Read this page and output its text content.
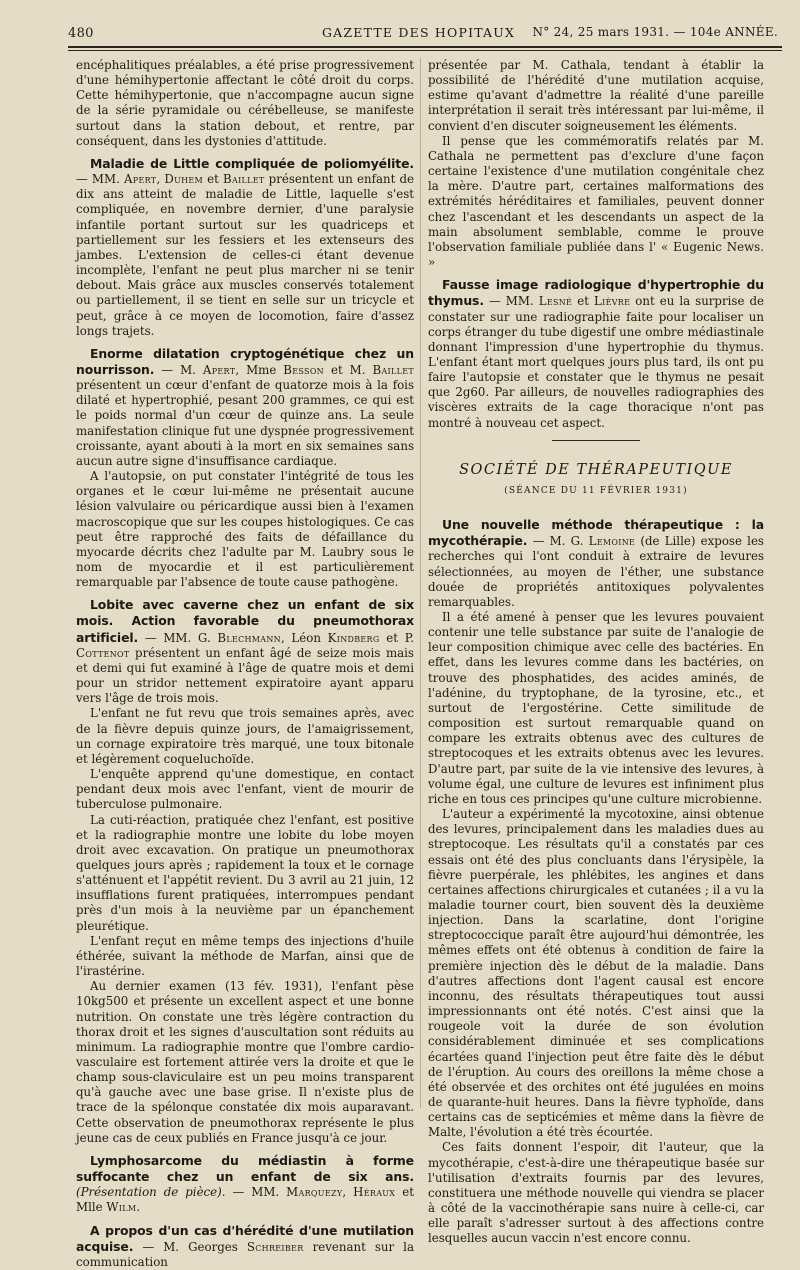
480	GAZETTE DES HOPITAUX N° 24, 25 mars 1931. — 104e ANNÉE.

encéphalitiques préalables, a été prise progressivement d'une hémihypertonie affectant le côté droit du corps. Cette hémihypertonie, que n'accompagne aucun signe de la série pyramidale ou cérébelleuse, se manifeste surtout dans la station debout, et rentre, par conséquent, dans les dystonies d'attitude.

Maladie de Little compliquée de poliomyélite. — MM. Apert, Duhem et Baillet présentent un enfant de dix ans atteint de maladie de Little, laquelle s'est compliquée, en novembre dernier, d'une paralysie infantile portant surtout sur les quadriceps et partiellement sur les fessiers et les extenseurs des jambes. L'extension de celles-ci étant devenue incomplète, l'enfant ne peut plus marcher ni se tenir debout. Mais grâce aux muscles conservés totalement ou partiellement, il se tient en selle sur un tricycle et peut, grâce à ce moyen de locomotion, faire d'assez longs trajets.

Enorme dilatation cryptogénétique chez un nourrisson. — M. Apert, Mme Besson et M. Baillet présentent un cœur d'enfant de quatorze mois à la fois dilaté et hypertrophié, pesant 200 grammes, ce qui est le poids normal d'un cœur de quinze ans. La seule manifestation clinique fut une dyspnée progressivement croissante, ayant abouti à la mort en six semaines sans aucun autre signe d'insuffisance cardiaque.

A l'autopsie, on put constater l'intégrité de tous les organes et le cœur lui-même ne présentait aucune lésion valvulaire ou péricardique aussi bien à l'examen macroscopique que sur les coupes histologiques. Ce cas peut être rapproché des faits de défaillance du myocarde décrits chez l'adulte par M. Laubry sous le nom de myocardie et il est particulièrement remarquable par l'absence de toute cause pathogène.

Lobite avec caverne chez un enfant de six mois. Action favorable du pneumothorax artificiel. — MM. G. Blechmann, Léon Kindberg et P. Cottenot présentent un enfant âgé de seize mois mais et demi qui fut examiné à l'âge de quatre mois et demi pour un stridor nettement expiratoire ayant apparu vers l'âge de trois mois.

L'enfant ne fut revu que trois semaines après, avec de la fièvre depuis quinze jours, de l'amaigrissement, un cornage expiratoire très marqué, une toux bitonale et légèrement coqueluchoïde.

L'enquête apprend qu'une domestique, en contact pendant deux mois avec l'enfant, vient de mourir de tuberculose pulmonaire.

La cuti-réaction, pratiquée chez l'enfant, est positive et la radiographie montre une lobite du lobe moyen droit avec excavation. On pratique un pneumothorax quelques jours après ; rapidement la toux et le cornage s'atténuent et l'appétit revient. Du 3 avril au 21 juin, 12 insufflations furent pratiquées, interrompues pendant près d'un mois à la neuvième par un épanchement pleurétique.

L'enfant reçut en même temps des injections d'huile éthérée, suivant la méthode de Marfan, ainsi que de l'irastérine.

Au dernier examen (13 fév. 1931), l'enfant pèse 10kg500 et présente un excellent aspect et une bonne nutrition. On constate une très légère contraction du thorax droit et les signes d'auscultation sont réduits au minimum. La radiographie montre que l'ombre cardio-vasculaire est fortement attirée vers la droite et que le champ sous-claviculaire est un peu moins transparent qu'à gauche avec une base grise. Il n'existe plus de trace de la spélonque constatée dix mois auparavant. Cette observation de pneumothorax représente le plus jeune cas de ceux publiés en France jusqu'à ce jour.

Lymphosarcome du médiastin à forme suffocante chez un enfant de six ans. (Présentation de pièce). — MM. Marquezy, Héraux et Mlle Wilm.

A propos d'un cas d'hérédité d'une mutilation acquise. — M. Georges Schreiber revenant sur la communication

présentée par M. Cathala, tendant à établir la possibilité de l'hérédité d'une mutilation acquise, estime qu'avant d'admettre la réalité d'une pareille interprétation il serait très intéressant par lui-même, il convient d'en discuter soigneusement les éléments.

Il pense que les commémoratifs relatés par M. Cathala ne permettent pas d'exclure d'une façon certaine l'existence d'une mutilation congénitale chez la mère. D'autre part, certaines malformations des extrémités héréditaires et familiales, peuvent donner chez l'ascendant et les descendants un aspect de la main absolument semblable, comme le prouve l'observation familiale publiée dans l' « Eugenic News. »

Fausse image radiologique d'hypertrophie du thymus. — MM. Lesné et Lièvre ont eu la surprise de constater sur une radiographie faite pour localiser un corps étranger du tube digestif une ombre médiastinale donnant l'impression d'une hypertrophie du thymus. L'enfant étant mort quelques jours plus tard, ils ont pu faire l'autopsie et constater que le thymus ne pesait que 2g60. Par ailleurs, de nouvelles radiographies des viscères extraits de la cage thoracique n'ont pas montré à nouveau cet aspect.

SOCIÉTÉ DE THÉRAPEUTIQUE
(SÉANCE DU 11 FÉVRIER 1931)

Une nouvelle méthode thérapeutique : la mycothérapie. — M. G. Lemoine (de Lille) expose les recherches qui l'ont conduit à extraire de levures sélectionnées, au moyen de l'éther, une substance douée de propriétés antitoxiques polyvalentes remarquables.

Il a été amené à penser que les levures pouvaient contenir une telle substance par suite de l'analogie de leur composition chimique avec celle des bactéries. En effet, dans les levures comme dans les bactéries, on trouve des phosphatides, des acides aminés, de l'adénine, du tryptophane, de la tyrosine, etc., et surtout de l'ergostérine. Cette similitude de composition est surtout remarquable quand on compare les extraits obtenus avec des cultures de streptocoques et les extraits obtenus avec les levures. D'autre part, par suite de la vie intensive des levures, à volume égal, une culture de levures est infiniment plus riche en tous ces principes qu'une culture microbienne.

L'auteur a expérimenté la mycotoxine, ainsi obtenue des levures, principalement dans les maladies dues au streptocoque. Les résultats qu'il a constatés par ces essais ont été des plus concluants dans l'érysipèle, la fièvre puerpérale, les phlébites, les angines et dans certaines affections chirurgicales et cutanées ; il a vu la maladie tourner court, bien souvent dès la deuxième injection. Dans la scarlatine, dont l'origine streptococcique paraît être aujourd'hui démontrée, les mêmes effets ont été obtenus à condition de faire la première injection dès le début de la maladie. Dans d'autres affections dont l'agent causal est encore inconnu, des résultats thérapeutiques tout aussi impressionnants ont été notés. C'est ainsi que la rougeole voit la durée de son évolution considérablement diminuée et ses complications écartées quand l'injection peut être faite dès le début de l'éruption. Au cours des oreillons la même chose a été observée et des orchites ont été jugulées en moins de quarante-huit heures. Dans la fièvre typhoïde, dans certains cas de septicémies et même dans la fièvre de Malte, l'évolution a été très écourtée.

Ces faits donnent l'espoir, dit l'auteur, que la mycothérapie, c'est-à-dire une thérapeutique basée sur l'utilisation d'extraits fournis par des levures, constituera une méthode nouvelle qui viendra se placer à côté de la vaccinothérapie sans nuire à celle-ci, car elle paraît s'adresser surtout à des affections contre lesquelles aucun vaccin n'est encore connu.
